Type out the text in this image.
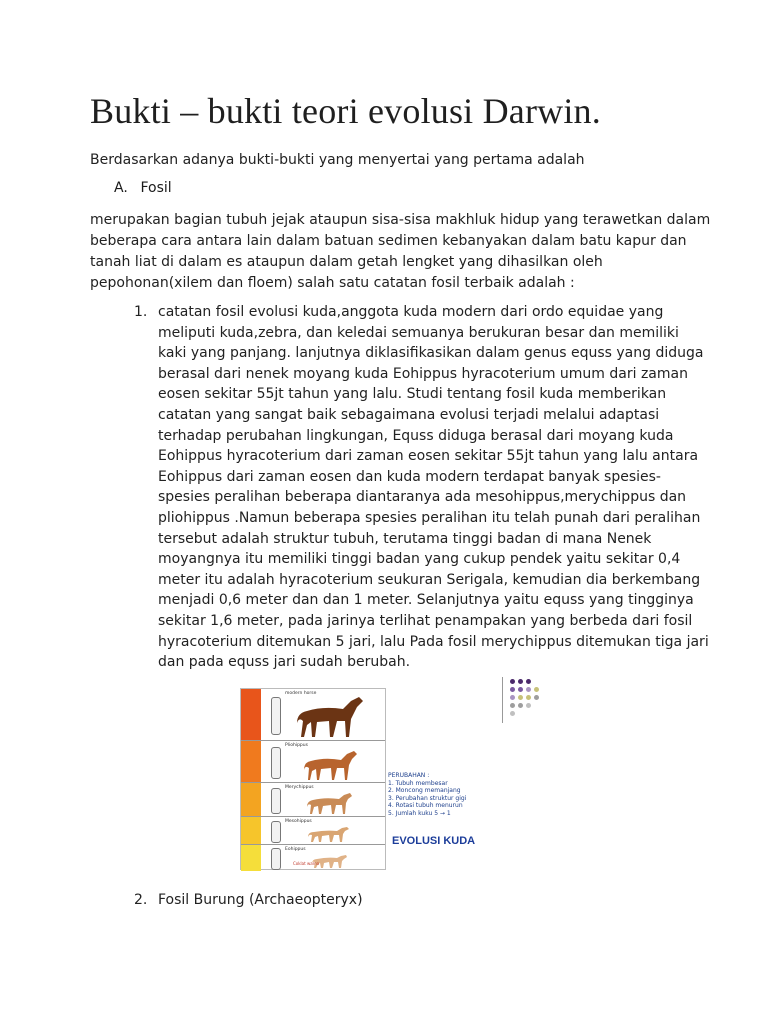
Bukti – bukti teori evolusi Darwin.
Berdasarkan adanya bukti-bukti yang menyertai yang pertama adalah
A. Fosil
merupakan bagian tubuh jejak ataupun sisa-sisa makhluk hidup yang terawetkan dalam
beberapa cara antara lain dalam batuan sedimen kebanyakan dalam batu kapur dan
tanah liat di dalam es ataupun dalam getah lengket yang dihasilkan oleh
pepohonan(xilem dan floem) salah satu catatan fosil terbaik adalah :
1. catatan fosil evolusi kuda,anggota kuda modern dari ordo equidae yang
meliputi kuda,zebra, dan keledai semuanya berukuran besar dan memiliki
kaki yang panjang. lanjutnya diklasifikasikan dalam genus equss yang diduga
berasal dari nenek moyang kuda Eohippus hyracoterium umum dari zaman
eosen sekitar 55jt tahun yang lalu. Studi tentang fosil kuda memberikan
catatan yang sangat baik sebagaimana evolusi terjadi melalui adaptasi
terhadap perubahan lingkungan, Equss diduga berasal dari moyang kuda
Eohippus hyracoterium dari zaman eosen sekitar 55jt tahun yang lalu antara
Eohippus dari zaman eosen dan kuda modern terdapat banyak spesies-
spesies peralihan beberapa diantaranya ada mesohippus,merychippus dan
pliohippus .Namun beberapa spesies peralihan itu telah punah dari peralihan
tersebut adalah struktur tubuh, terutama tinggi badan di mana Nenek
moyangnya itu memiliki tinggi badan yang cukup pendek yaitu sekitar 0,4
meter itu adalah hyracoterium seukuran Serigala, kemudian dia berkembang
menjadi 0,6 meter dan dan 1 meter. Selanjutnya yaitu equss yang tingginya
sekitar 1,6 meter, pada jarinya terlihat penampakan yang berbeda dari fosil
hyracoterium ditemukan 5 jari, lalu Pada fosil merychippus ditemukan tiga jari
dan pada equss jari sudah berubah.
modern horse
Pliohippus
Merychippus
Mesohippus
Eohippus
Coklat warna
PERUBAHAN :
1. Tubuh membesar
2. Moncong memanjang
3. Perubahan struktur gigi
4. Rotasi tubuh menurun
5. Jumlah kuku 5 → 1
EVOLUSI KUDA
2. Fosil Burung (Archaeopteryx)
